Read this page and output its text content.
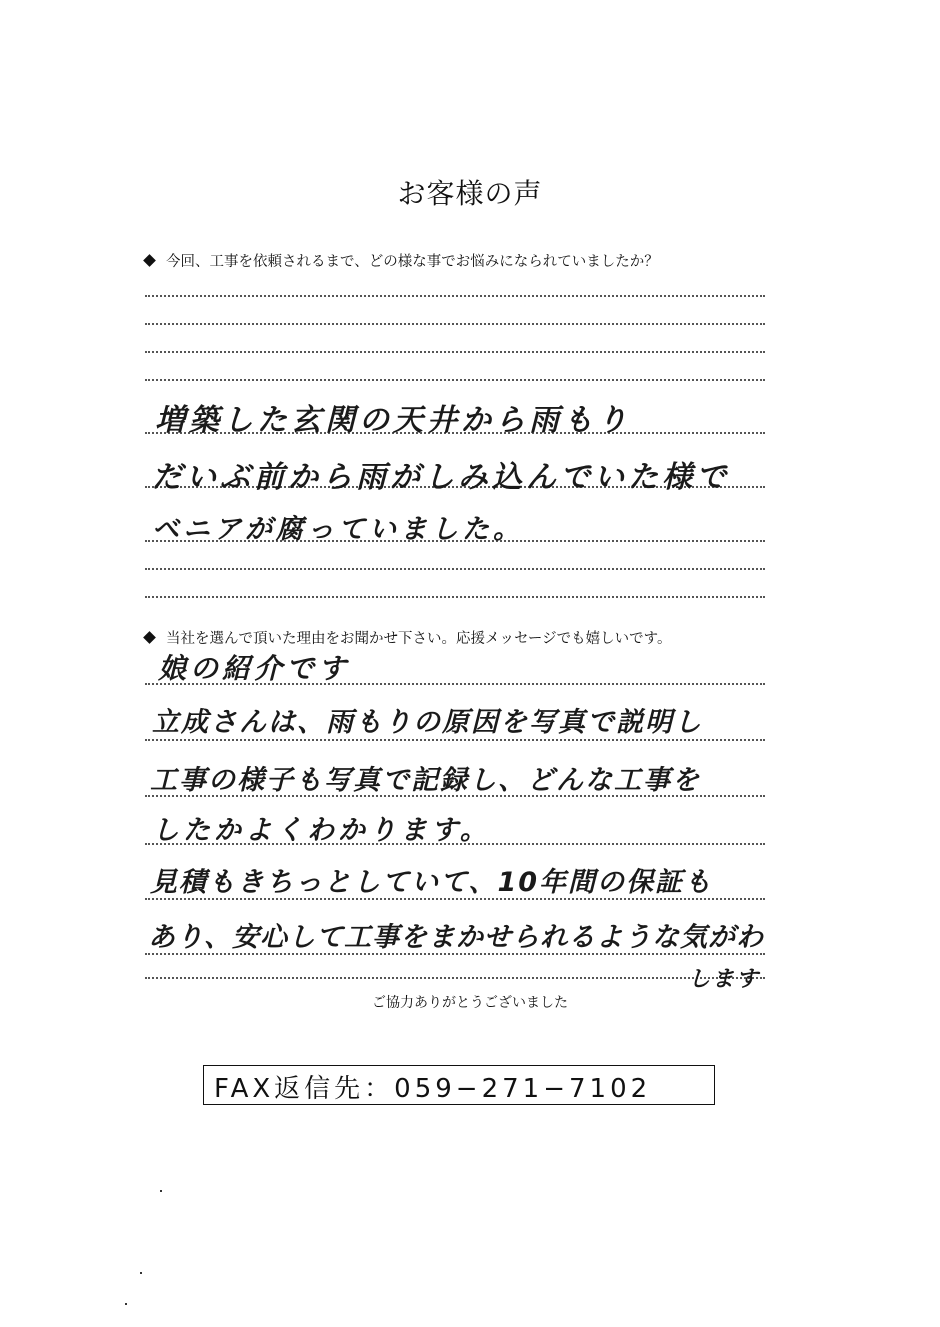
お客様の声
今回、工事を依頼されるまで、どの様な事でお悩みになられていましたか？
増築した玄関の天井から雨もり
だいぶ前から雨がしみ込んでいた様で
ベニアが腐っていました。
当社を選んで頂いた理由をお聞かせ下さい。応援メッセージでも嬉しいです。
娘の紹介です
立成さんは、雨もりの原因を写真で説明し
工事の様子も写真で記録し、どんな工事を
したかよくわかります。
見積もきちっとしていて、10年間の保証も
あり、安心して工事をまかせられるような気がわ
します
ご協力ありがとうございました
FAX返信先：059−271−7102
